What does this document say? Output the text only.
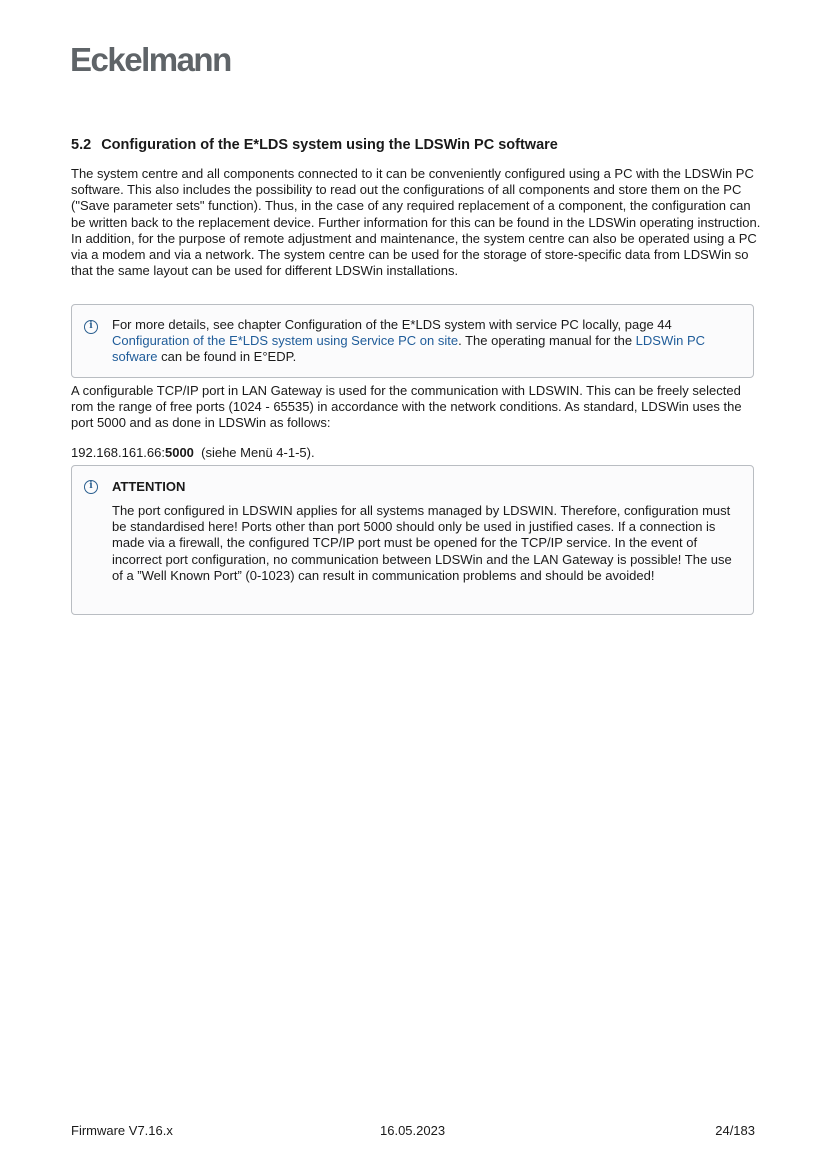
Eckelmann
5.2 Configuration of the E*LDS system using the LDSWin PC software

The system centre and all components connected to it can be conveniently configured using a PC with the LDSWin PC software. This also includes the possibility to read out the configurations of all components and store them on the PC ("Save parameter sets" function). Thus, in the case of any required replacement of a component, the configuration can be written back to the replacement device. Further information for this can be found in the LDSWin operating instruction. In addition, for the purpose of remote adjustment and maintenance, the system centre can also be operated using a PC via a modem and via a network. The system centre can be used for the storage of store-specific data from LDSWin so that the same layout can be used for different LDSWin installations.

i	For more details, see chapter Configuration of the E*LDS system with service PC locally, page 44 Configuration of the E*LDS system using Service PC on site. The operating manual for the LDSWin PC sofware can be found in E°EDP.

A configurable TCP/IP port in LAN Gateway is used for the communication with LDSWIN. This can be freely selected rom the range of free ports (1024 - 65535) in accordance with the network conditions. As standard, LDSWin uses the port 5000 and as done in LDSWin as follows:

192.168.161.66:5000  (siehe Menü 4-1-5).

i	ATTENTION
The port configured in LDSWIN applies for all systems managed by LDSWIN. Therefore, configuration must be standardised here! Ports other than port 5000 should only be used in justified cases. If a connection is made via a firewall, the configured TCP/IP port must be opened for the TCP/IP service. In the event of incorrect port configuration, no communication between LDSWin and the LAN Gateway is possible! The use of a ”Well Known Port” (0-1023) can result in communication problems and should be avoided!
Firmware V7.16.x	16.05.2023	24/183
